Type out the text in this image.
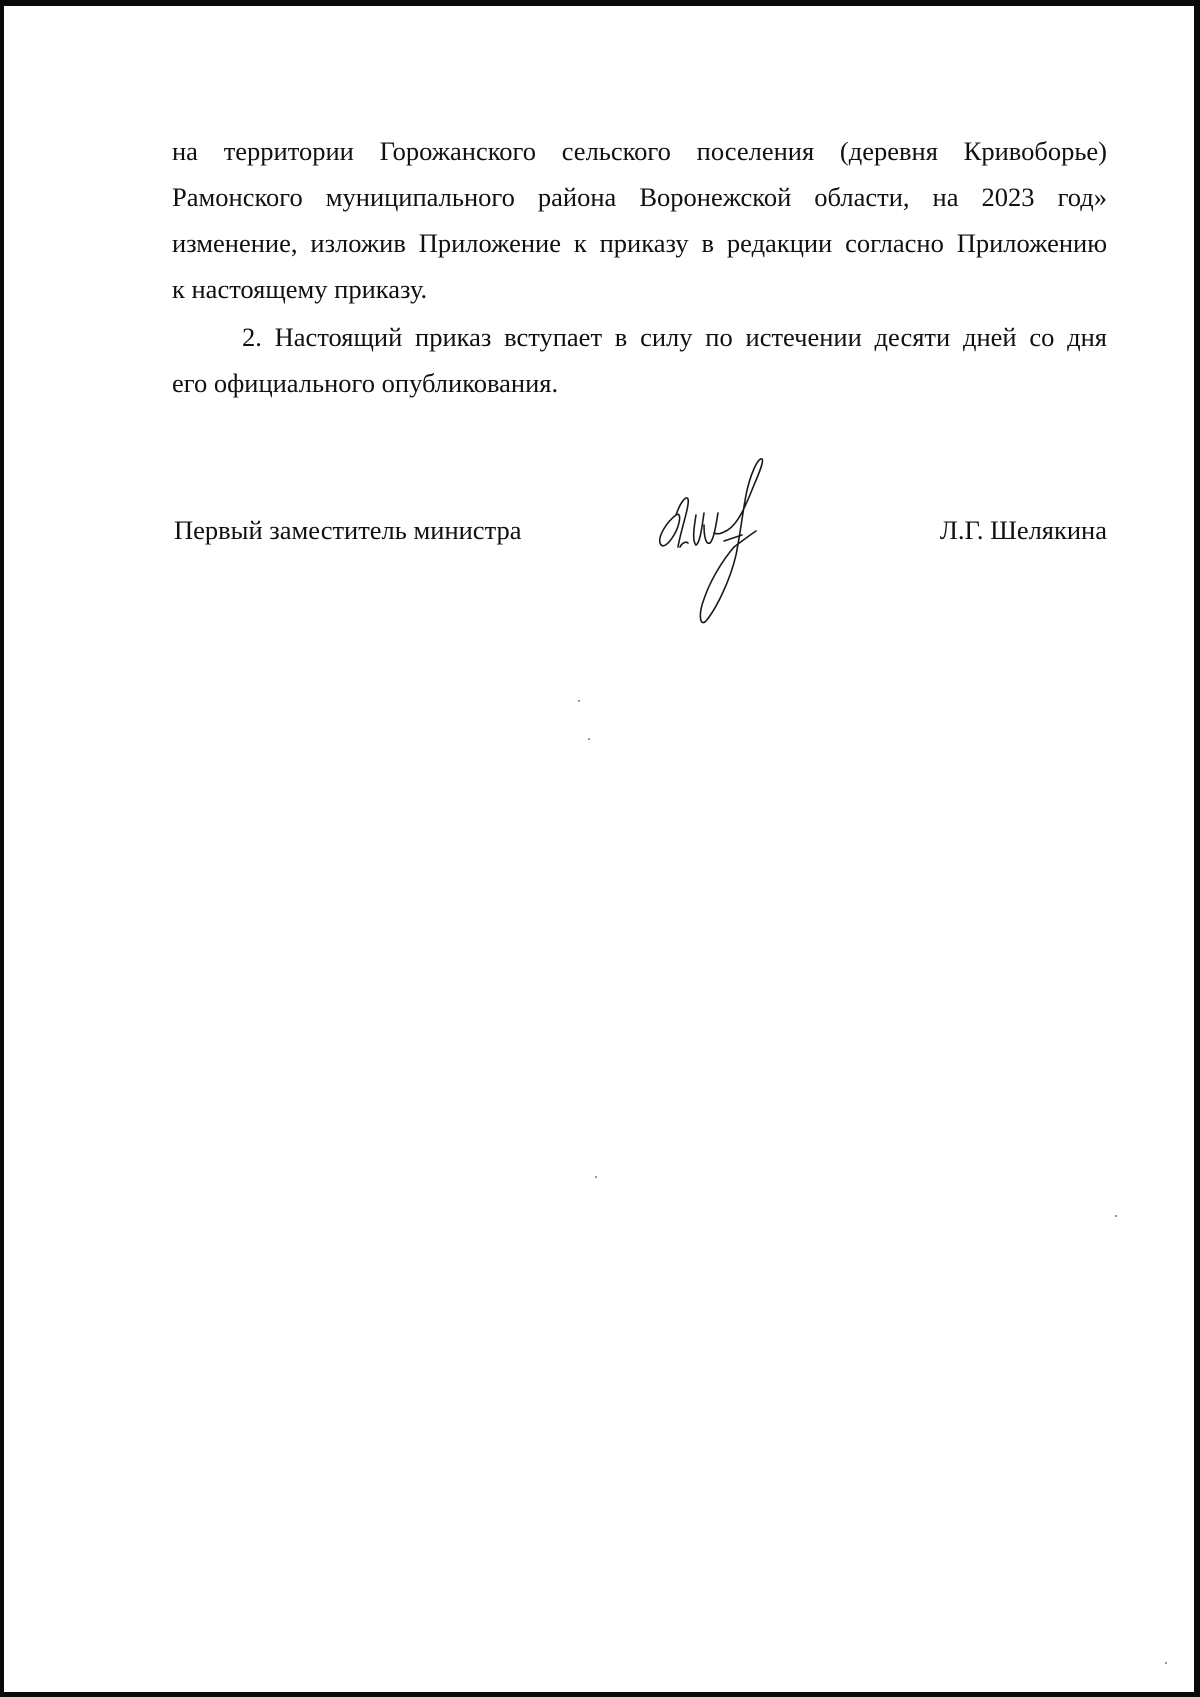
на территории Горожанского сельского поселения (деревня Кривоборье)
Рамонского муниципального района Воронежской области, на 2023 год»
изменение, изложив Приложение к приказу в редакции согласно Приложению
к настоящему приказу.
2. Настоящий приказ вступает в силу по истечении десяти дней со дня
его официального опубликования.
Первый заместитель министра	Л.Г. Шелякина
